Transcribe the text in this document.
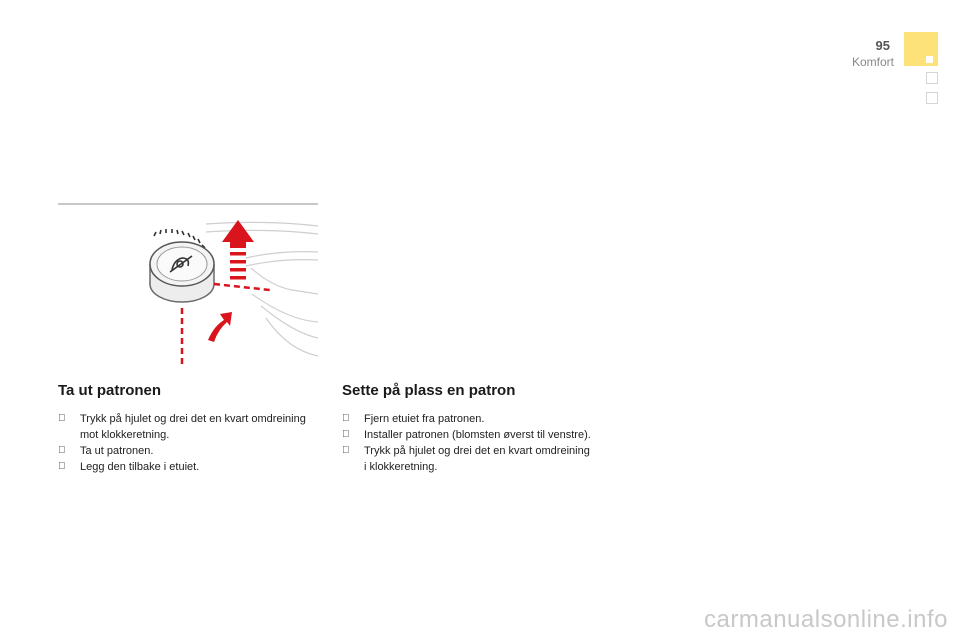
95
Komfort
Ta ut patronen
Trykk på hjulet og drei det en kvart omdreining mot klokkeretning.
Ta ut patronen.
Legg den tilbake i etuiet.
Sette på plass en patron
Fjern etuiet fra patronen.
Installer patronen (blomsten øverst til venstre).
Trykk på hjulet og drei det en kvart omdreining i klokkeretning.
carmanualsonline.info
